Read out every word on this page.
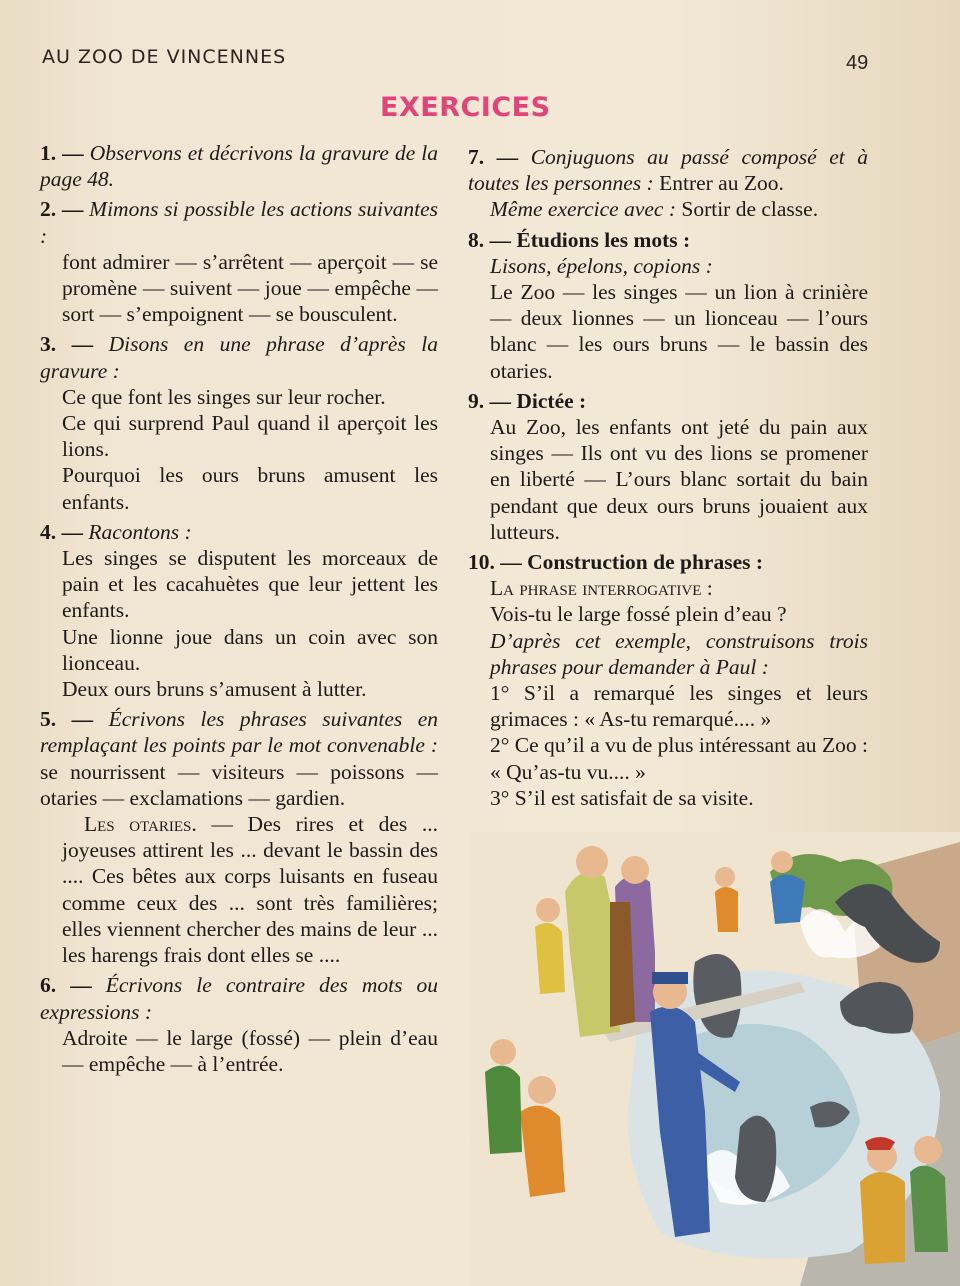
AU ZOO DE VINCENNES	49
EXERCICES
1. — Observons et décrivons la gravure de la page 48.
2. — Mimons si possible les actions suivantes :

font admirer — s’arrêtent — aperçoit — se promène — suivent — joue — empêche — sort — s’empoignent — se bousculent.

3. — Disons en une phrase d’après la gravure :

Ce que font les singes sur leur rocher.

Ce qui surprend Paul quand il aperçoit les lions.

Pourquoi les ours bruns amusent les enfants.

4. — Racontons :

Les singes se disputent les morceaux de pain et les cacahuètes que leur jettent les enfants.

Une lionne joue dans un coin avec son lionceau.

Deux ours bruns s’amusent à lutter.

5. — Écrivons les phrases suivantes en remplaçant les points par le mot convenable : se nourrissent — visiteurs — poissons — otaries — exclamations — gardien.

Les otaries. — Des rires et des ... joyeuses attirent les ... devant le bassin des .... Ces bêtes aux corps luisants en fuseau comme ceux des ... sont très familières; elles viennent chercher des mains de leur ... les harengs frais dont elles se ....

6. — Écrivons le contraire des mots ou expressions :

Adroite — le large (fossé) — plein d’eau — empêche — à l’entrée.

7. — Conjuguons au passé composé et à toutes les personnes : Entrer au Zoo.

Même exercice avec : Sortir de classe.

8. — Étudions les mots :

Lisons, épelons, copions :

Le Zoo — les singes — un lion à crinière — deux lionnes — un lionceau — l’ours blanc — les ours bruns — le bassin des otaries.

9. — Dictée :

Au Zoo, les enfants ont jeté du pain aux singes — Ils ont vu des lions se promener en liberté — L’ours blanc sortait du bain pendant que deux ours bruns jouaient aux lutteurs.

10. — Construction de phrases :

La phrase interrogative :

Vois-tu le large fossé plein d’eau ?

D’après cet exemple, construisons trois phrases pour demander à Paul :

1° S’il a remarqué les singes et leurs grimaces : « As-tu remarqué.... »

2° Ce qu’il a vu de plus intéressant au Zoo : « Qu’as-tu vu.... »

3° S’il est satisfait de sa visite.
